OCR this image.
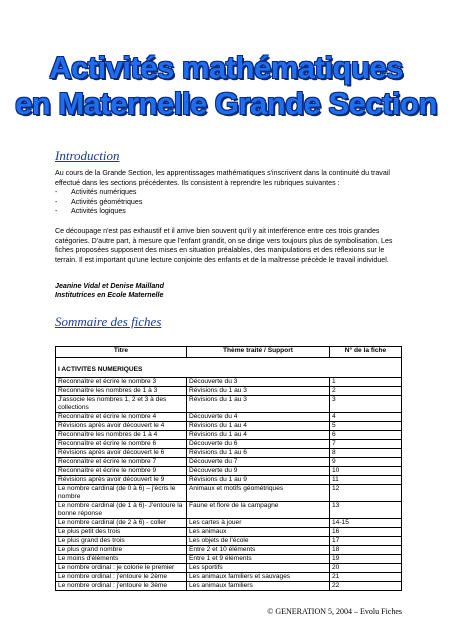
Activités mathématiques
en Maternelle Grande Section
Introduction
Au cours de la Grande Section, les apprentissages mathématiques s'inscrivent dans la continuité du travail effectué dans les sections précédentes. Ils consistent à reprendre les rubriques suivantes :
- Activités numériques
- Activités géométriques
- Activités logiques
Ce découpage n'est pas exhaustif et il arrive bien souvent qu'il y ait interférence entre ces trois grandes catégories. D'autre part, à mesure que l'enfant grandit, on se dirige vers toujours plus de symbolisation. Les fiches proposées supposent des mises en situation préalables, des manipulations et des réflexions sur le terrain. Il est important qu'une lecture conjointe des enfants et de la maîtresse précède le travail individuel.
Jeanine Vidal et Denise Mailland
Institutrices en Ecole Maternelle
Sommaire des fiches
Titre	Thème traité / Support	N° de la fiche
I ACTIVITES NUMERIQUES		
Reconnaître et écrire le nombre 3	Découverte du 3	1
Reconnaître les nombres de 1 à 3	Révisions du 1 au 3	2
J'associe les nombres 1, 2 et 3 à des collections	Révisions du 1 au 3	3
Reconnaître et écrire le nombre 4	Découverte du 4	4
Révisions après avoir découvert le 4	Révisions du 1 au 4	5
Reconnaître les nombres de 1 à 4	Révisions du 1 au 4	6
Reconnaître et écrire le nombre 6	Découverte du 6	7
Révisions après avoir découvert le 6	Révisions du 1 au 6	8
Reconnaître et écrire le nombre 7	Découverte du 7	9
Reconnaître et écrire le nombre 9	Découverte du 9	10
Révisions après avoir découvert le 9	Révisions du 1 au 9	11
Le nombre cardinal (de 0 à 6) – j'écris le nombre	Animaux et motifs géométriques	12
Le nombre cardinal (de 1 à 6)- J'entoure la bonne réponse	Faune et flore de la campagne	13
Le nombre cardinal (de 2 à 6) - coller	Les cartes à jouer	14-15
Le plus petit des trois	Les animaux	16
Le plus grand des trois	Les objets de l'école	17
Le plus grand nombre	Entre 2 et 10 éléments	18
Le moins d'éléments	Entre 1 et 9 éléments	19
Le nombre ordinal : je colorie le premier	Les sportifs	20
Le nombre ordinal : j'entoure le 2ème	Les animaux familiers et sauvages	21
Le nombre ordinal : j'entoure le 3ème	Les animaux familiers	22
© GENERATION 5, 2004 – Evolu Fiches
